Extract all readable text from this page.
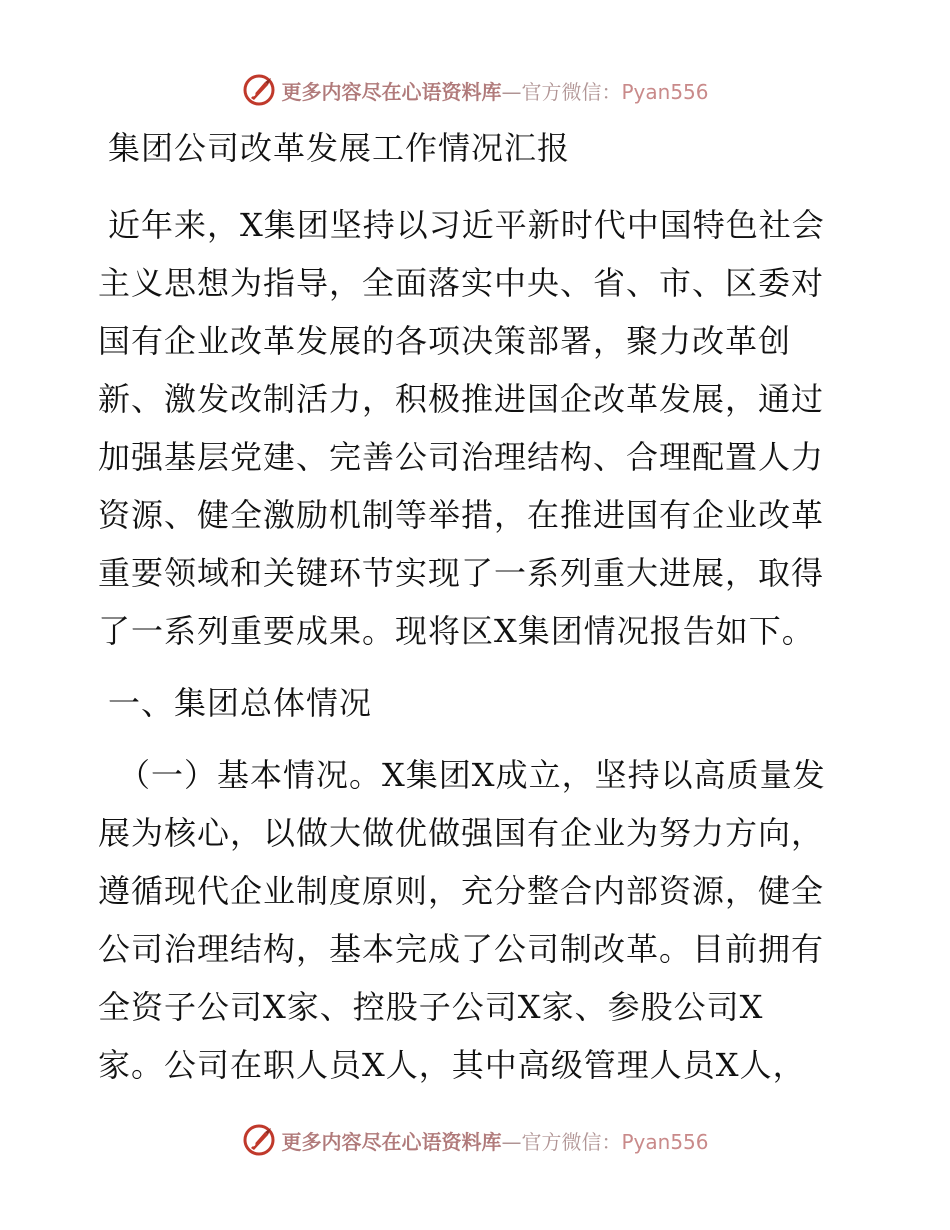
更多内容尽在心语资料库—官方微信：Pyan556
集团公司改革发展工作情况汇报
近年来，X集团坚持以习近平新时代中国特色社会
主义思想为指导，全面落实中央、省、市、区委对
国有企业改革发展的各项决策部署，聚力改革创
新、激发改制活力，积极推进国企改革发展，通过
加强基层党建、完善公司治理结构、合理配置人力
资源、健全激励机制等举措，在推进国有企业改革
重要领域和关键环节实现了一系列重大进展，取得
了一系列重要成果。现将区X集团情况报告如下。
一、集团总体情况
（一）基本情况。X集团X成立，坚持以高质量发
展为核心，以做大做优做强国有企业为努力方向，
遵循现代企业制度原则，充分整合内部资源，健全
公司治理结构，基本完成了公司制改革。目前拥有
全资子公司X家、控股子公司X家、参股公司X
家。公司在职人员X人，其中高级管理人员X人，
更多内容尽在心语资料库—官方微信：Pyan556
